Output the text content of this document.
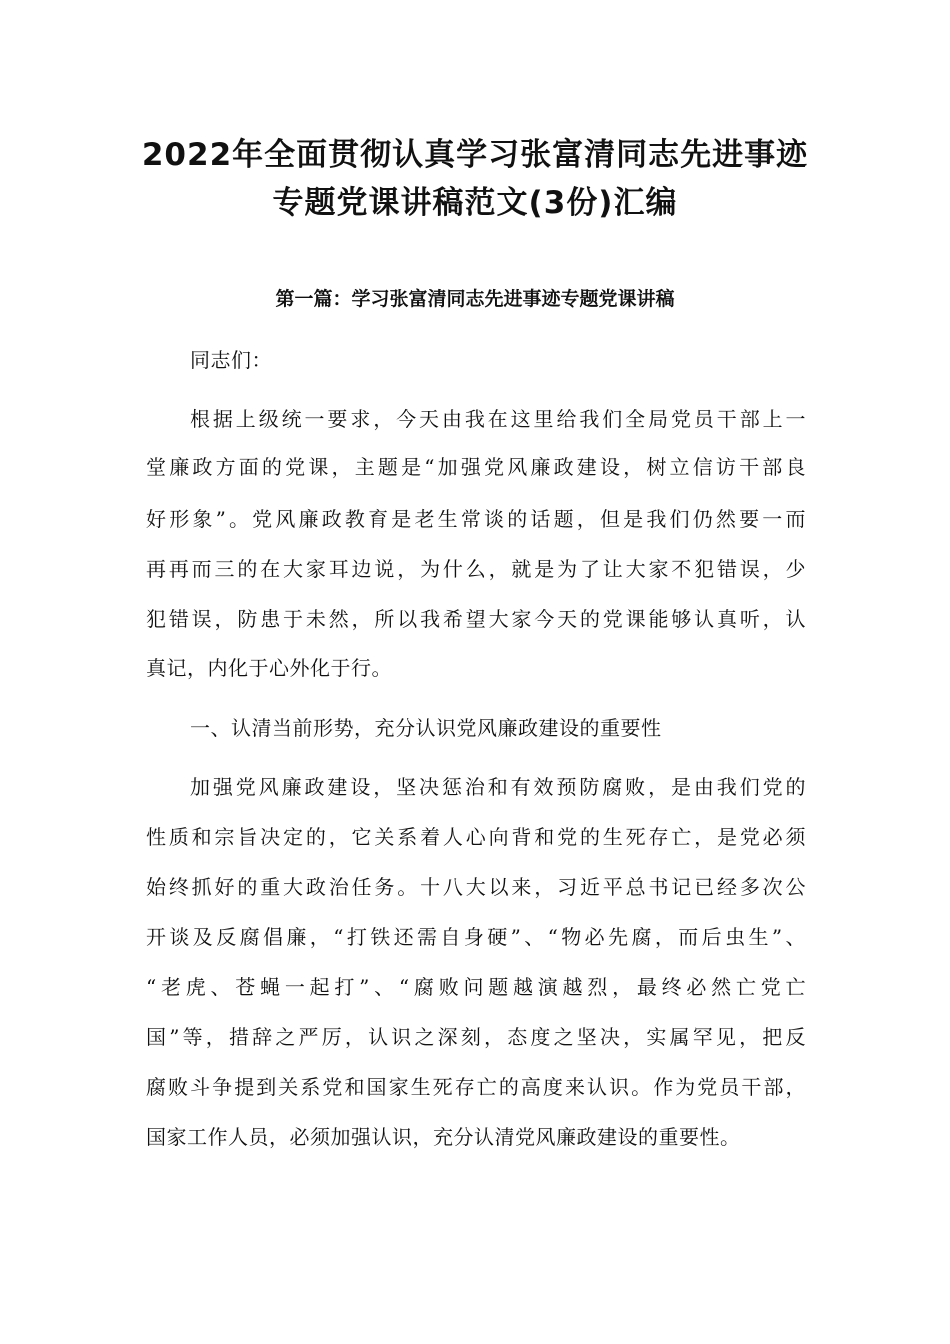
2022年全面贯彻认真学习张富清同志先进事迹
专题党课讲稿范文(3份)汇编
第一篇：学习张富清同志先进事迹专题党课讲稿

同志们：

根据上级统一要求，今天由我在这里给我们全局党员干部上一

堂廉政方面的党课，主题是“加强党风廉政建设，树立信访干部良

好形象”。党风廉政教育是老生常谈的话题，但是我们仍然要一而

再再而三的在大家耳边说，为什么，就是为了让大家不犯错误，少

犯错误，防患于未然，所以我希望大家今天的党课能够认真听，认

真记，内化于心外化于行。

一、认清当前形势，充分认识党风廉政建设的重要性

加强党风廉政建设，坚决惩治和有效预防腐败，是由我们党的

性质和宗旨决定的，它关系着人心向背和党的生死存亡，是党必须

始终抓好的重大政治任务。十八大以来，习近平总书记已经多次公

开谈及反腐倡廉，“打铁还需自身硬”、“物必先腐，而后虫生”、

“老虎、苍蝇一起打”、“腐败问题越演越烈，最终必然亡党亡

国”等，措辞之严厉，认识之深刻，态度之坚决，实属罕见，把反

腐败斗争提到关系党和国家生死存亡的高度来认识。作为党员干部，

国家工作人员，必须加强认识，充分认清党风廉政建设的重要性。
